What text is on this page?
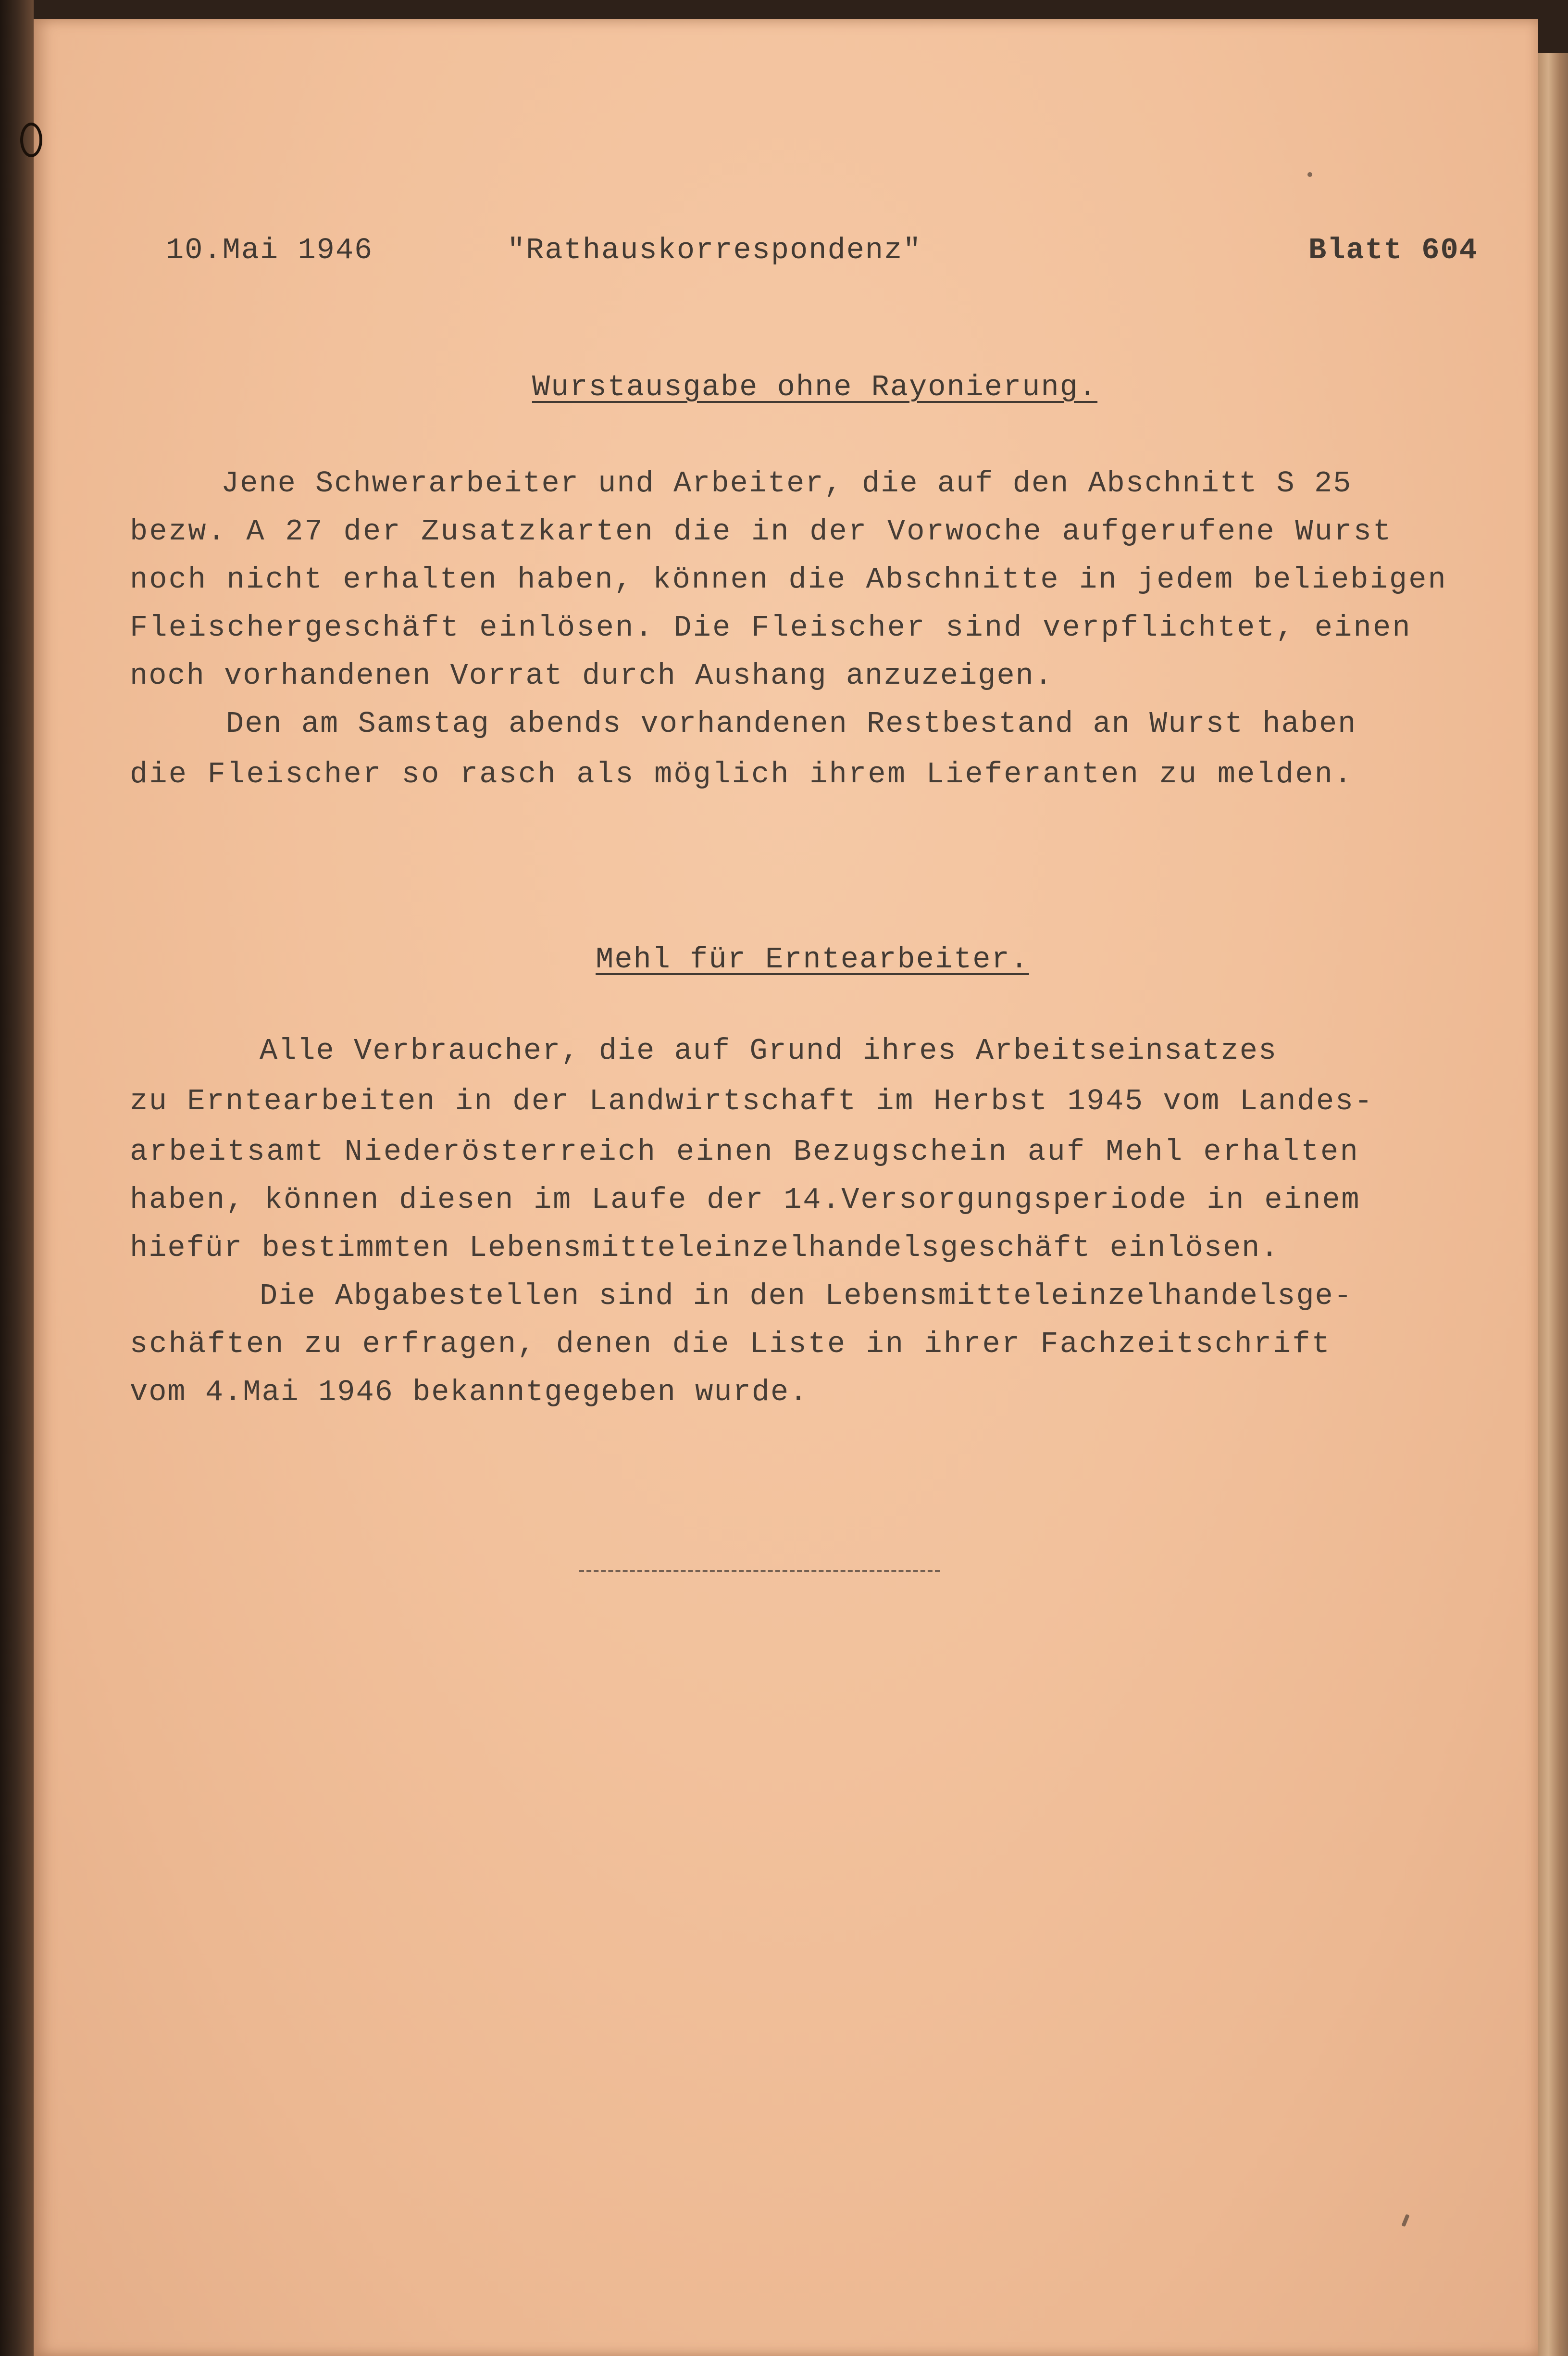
10.Mai 1946	"Rathauskorrespondenz"	Blatt 604
Wurstausgabe ohne Rayonierung.
Jene Schwerarbeiter und Arbeiter, die auf den Abschnitt S 25
bezw. A 27 der Zusatzkarten die in der Vorwoche aufgerufene Wurst
noch nicht erhalten haben, können die Abschnitte in jedem beliebigen
Fleischergeschäft einlösen. Die Fleischer sind verpflichtet, einen
noch vorhandenen Vorrat durch Aushang anzuzeigen.
Den am Samstag abends vorhandenen Restbestand an Wurst haben
die Fleischer so rasch als möglich ihrem Lieferanten zu melden.
Mehl für Erntearbeiter.
Alle Verbraucher, die auf Grund ihres Arbeitseinsatzes
zu Erntearbeiten in der Landwirtschaft im Herbst 1945 vom Landes-
arbeitsamt Niederösterreich einen Bezugschein auf Mehl erhalten
haben, können diesen im Laufe der 14.Versorgungsperiode in einem
hiefür bestimmten Lebensmitteleinzelhandelsgeschäft einlösen.
Die Abgabestellen sind in den Lebensmitteleinzelhandelsge-
schäften zu erfragen, denen die Liste in ihrer Fachzeitschrift
vom 4.Mai 1946 bekanntgegeben wurde.
